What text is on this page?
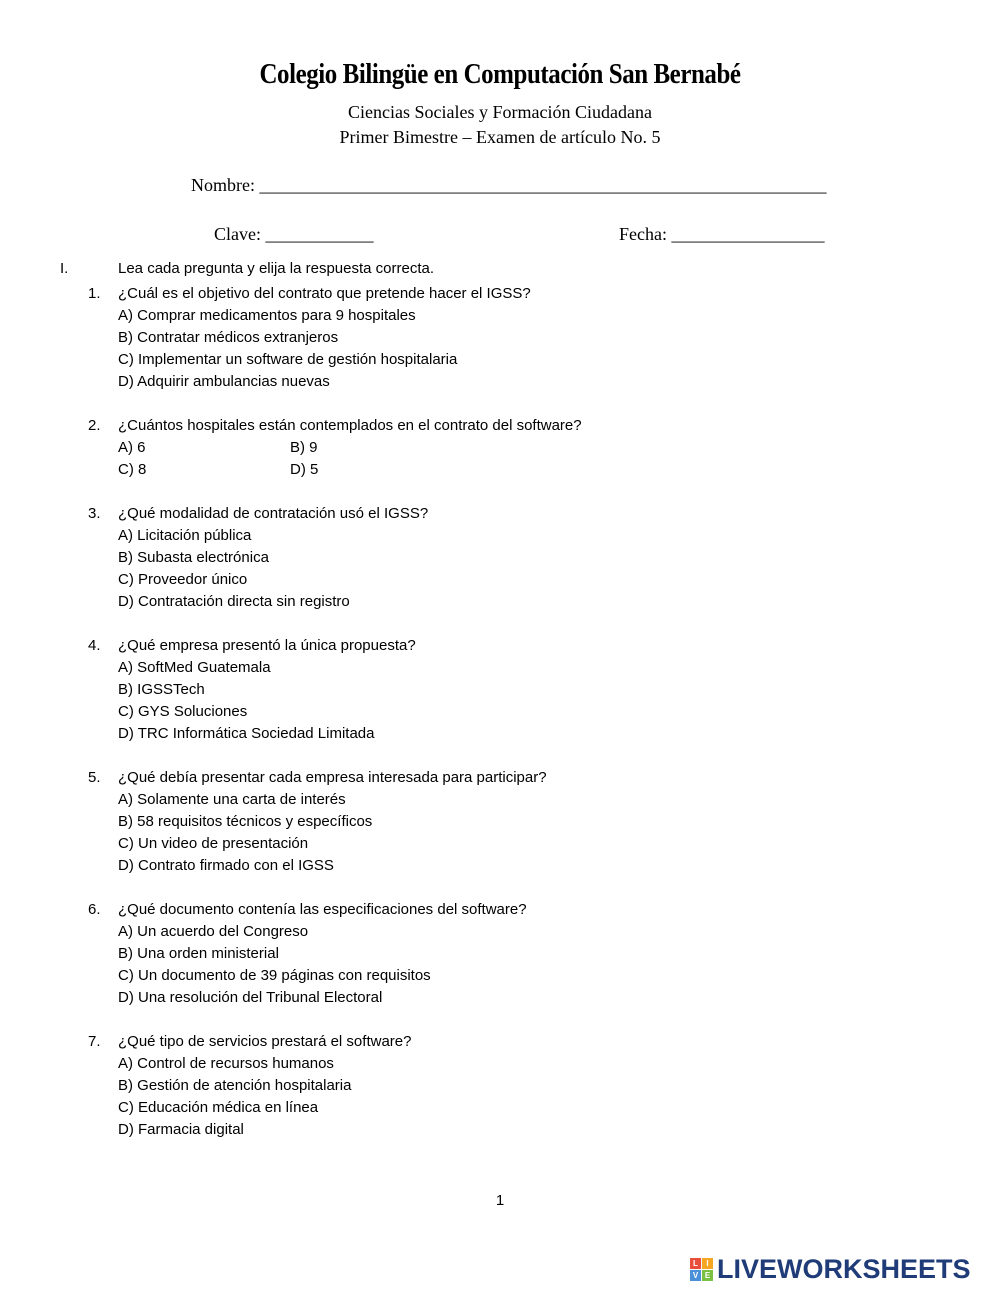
Colegio Bilingüe en Computación San Bernabé
Ciencias Sociales y Formación Ciudadana
Primer Bimestre – Examen de artículo No. 5
Nombre: _______________________________________________________________
Clave: ____________	Fecha: _________________
I.	Lea cada pregunta y elija la respuesta correcta.
1. ¿Cuál es el objetivo del contrato que pretende hacer el IGSS?
A) Comprar medicamentos para 9 hospitales
B) Contratar médicos extranjeros
C) Implementar un software de gestión hospitalaria
D) Adquirir ambulancias nuevas
2. ¿Cuántos hospitales están contemplados en el contrato del software?
A) 6	B) 9
C) 8	D) 5
3. ¿Qué modalidad de contratación usó el IGSS?
A) Licitación pública
B) Subasta electrónica
C) Proveedor único
D) Contratación directa sin registro
4. ¿Qué empresa presentó la única propuesta?
A) SoftMed Guatemala
B) IGSSTech
C) GYS Soluciones
D) TRC Informática Sociedad Limitada
5. ¿Qué debía presentar cada empresa interesada para participar?
A) Solamente una carta de interés
B) 58 requisitos técnicos y específicos
C) Un video de presentación
D) Contrato firmado con el IGSS
6. ¿Qué documento contenía las especificaciones del software?
A) Un acuerdo del Congreso
B) Una orden ministerial
C) Un documento de 39 páginas con requisitos
D) Una resolución del Tribunal Electoral
7. ¿Qué tipo de servicios prestará el software?
A) Control de recursos humanos
B) Gestión de atención hospitalaria
C) Educación médica en línea
D) Farmacia digital
1
L	I
V E LIVEWORKSHEETS
